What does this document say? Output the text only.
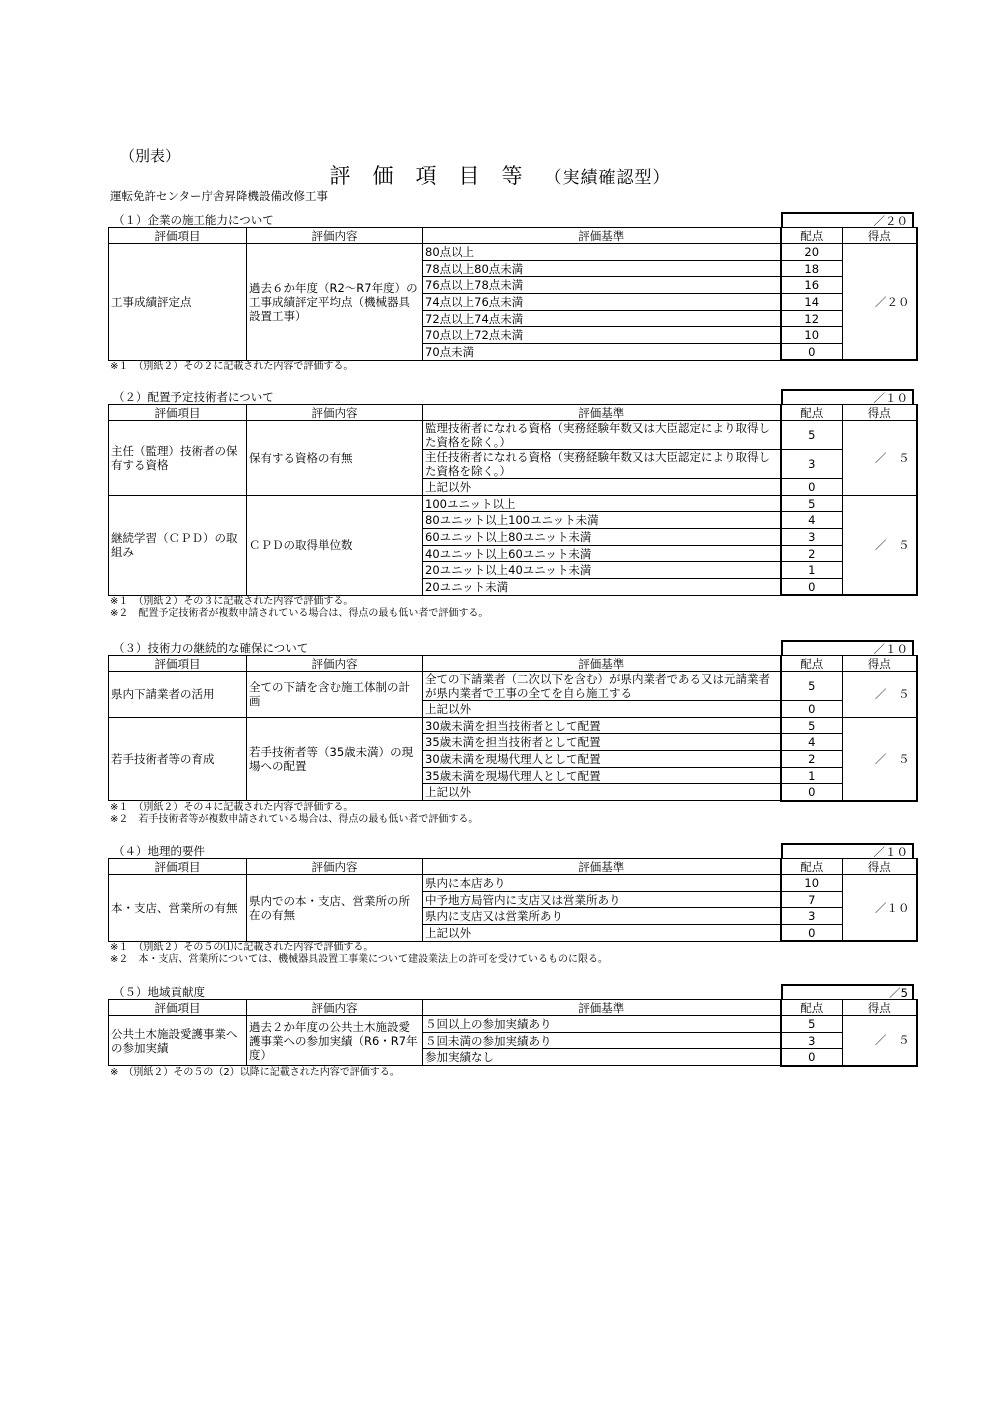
（別表）
評価項目等（実績確認型）
運転免許センター庁舎昇降機設備改修工事
（１）企業の施工能力について	／２０
評価項目	評価内容	評価基準	配点	得点
工事成績評定点	過去６か年度（R2～R7年度）の工事成績評定平均点（機械器具設置工事）	80点以上	20	／２０
		78点以上80点未満	18	
		76点以上78点未満	16	
		74点以上76点未満	14	
		72点以上74点未満	12	
		70点以上72点未満	10	
		70点未満	0	
※１　（別紙２）その２に記載された内容で評価する。
（２）配置予定技術者について	／１０
評価項目	評価内容	評価基準	配点	得点
主任（監理）技術者の保有する資格	保有する資格の有無	監理技術者になれる資格（実務経験年数又は大臣認定により取得した資格を除く。）	5	／　５
		主任技術者になれる資格（実務経験年数又は大臣認定により取得した資格を除く。）	3	
		上記以外	0	
継続学習（ＣＰＤ）の取組み	ＣＰＤの取得単位数	100ユニット以上	5	／　５
		80ユニット以上100ユニット未満	4	
		60ユニット以上80ユニット未満	3	
		40ユニット以上60ユニット未満	2	
		20ユニット以上40ユニット未満	1	
		20ユニット未満	0	
※１　（別紙２）その３に記載された内容で評価する。
※２　配置予定技術者が複数申請されている場合は、得点の最も低い者で評価する。
（３）技術力の継続的な確保について	／１０
評価項目	評価内容	評価基準	配点	得点
県内下請業者の活用	全ての下請を含む施工体制の計画	全ての下請業者（二次以下を含む）が県内業者である又は元請業者が県内業者で工事の全てを自ら施工する	5	／　５
		上記以外	0	
若手技術者等の育成	若手技術者等（35歳未満）の現場への配置	30歳未満を担当技術者として配置	5	／　５
		35歳未満を担当技術者として配置	4	
		30歳未満を現場代理人として配置	2	
		35歳未満を現場代理人として配置	1	
		上記以外	0	
※１　（別紙２）その４に記載された内容で評価する。
※２　若手技術者等が複数申請されている場合は、得点の最も低い者で評価する。
（４）地理的要件	／１０
評価項目	評価内容	評価基準	配点	得点
本・支店、営業所の有無	県内での本・支店、営業所の所在の有無	県内に本店あり	10	／１０
		中予地方局管内に支店又は営業所あり	7	
		県内に支店又は営業所あり	3	
		上記以外	0	
※１　（別紙２）その５の⑴に記載された内容で評価する。
※２　本・支店、営業所については、機械器具設置工事業について建設業法上の許可を受けているものに限る。
（５）地域貢献度	／5
評価項目	評価内容	評価基準	配点	得点
公共土木施設愛護事業への参加実績	過去２か年度の公共土木施設愛護事業への参加実績（R6・R7年度）	５回以上の参加実績あり	5	／　５
		５回未満の参加実績あり	3	
		参加実績なし	0	
※　（別紙２）その５の（2）以降に記載された内容で評価する。
